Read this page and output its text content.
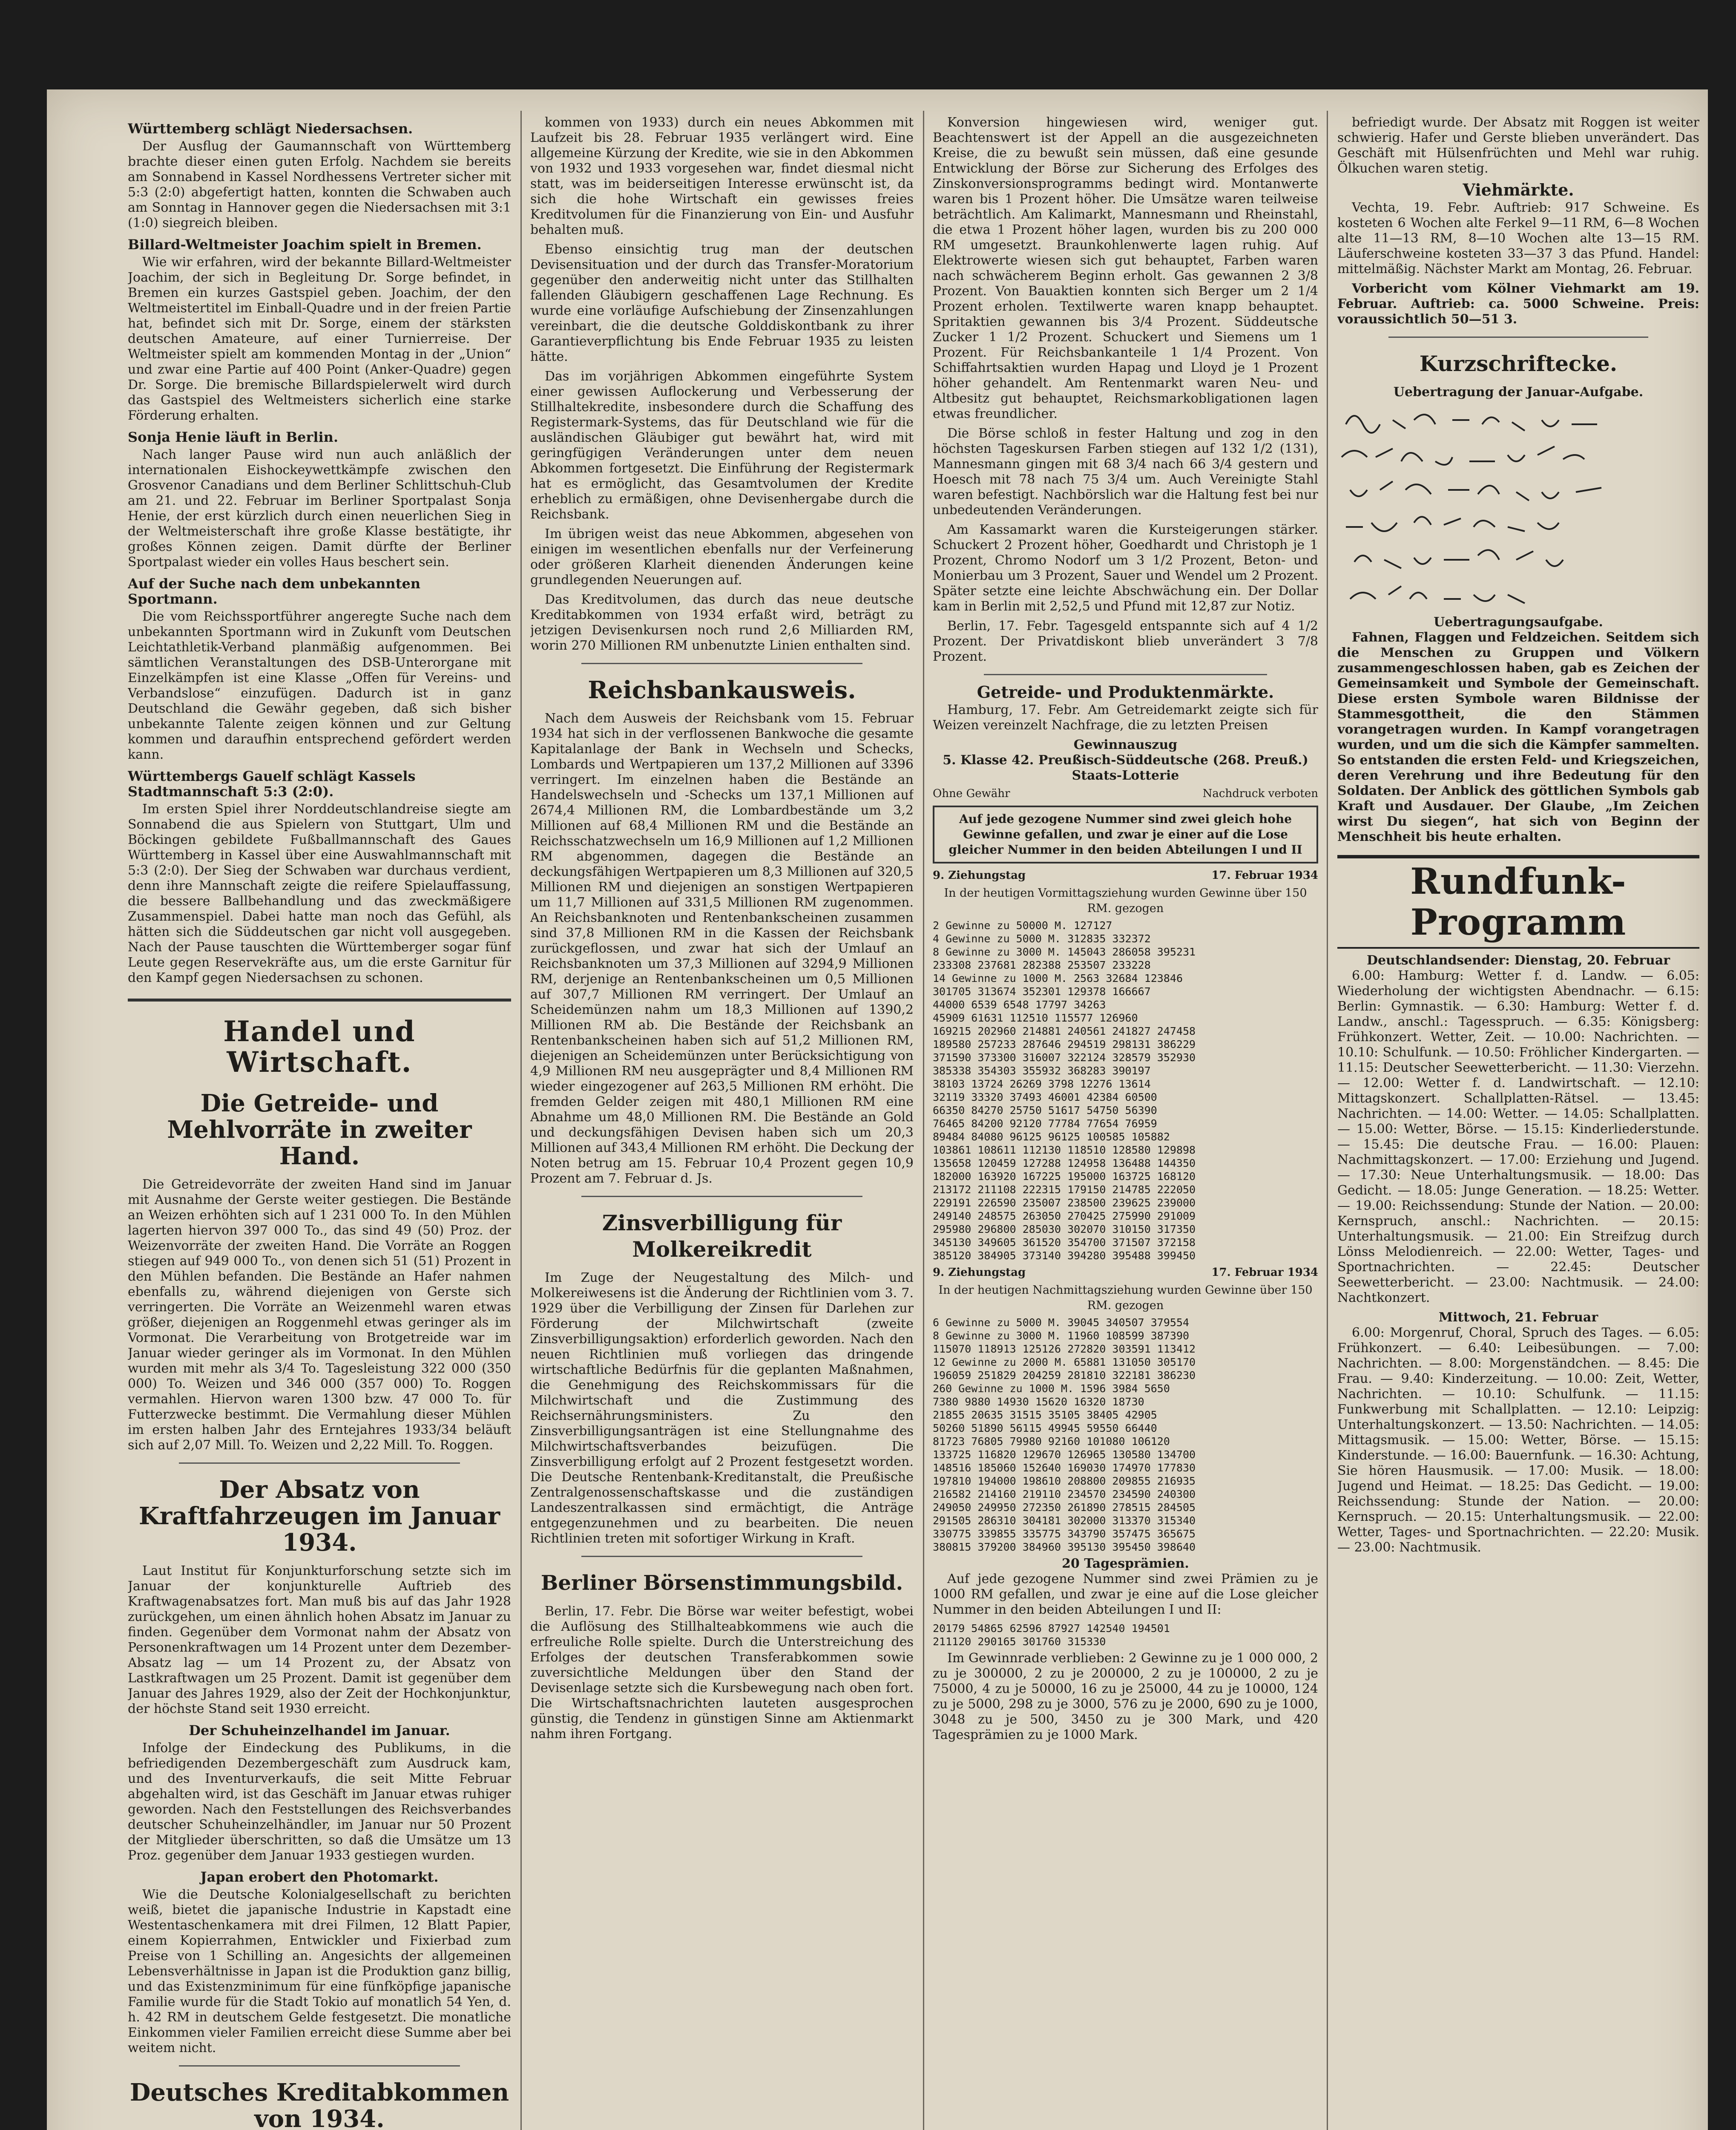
Württemberg schlägt Niedersachsen.

Der Ausflug der Gaumannschaft von Württemberg brachte dieser einen guten Erfolg. Nachdem sie bereits am Sonnabend in Kassel Nordhessens Vertreter sicher mit 5:3 (2:0) abgefertigt hatten, konnten die Schwaben auch am Sonntag in Hannover gegen die Niedersachsen mit 3:1 (1:0) siegreich bleiben.

Billard-Weltmeister Joachim spielt in Bremen.

Wie wir erfahren, wird der bekannte Billard-Weltmeister Joachim, der sich in Begleitung Dr. Sorge befindet, in Bremen ein kurzes Gastspiel geben. Joachim, der den Weltmeistertitel im Einball-Quadre und in der freien Partie hat, befindet sich mit Dr. Sorge, einem der stärksten deutschen Amateure, auf einer Turnierreise. Der Weltmeister spielt am kommenden Montag in der „Union“ und zwar eine Partie auf 400 Point (Anker-Quadre) gegen Dr. Sorge. Die bremische Billardspielerwelt wird durch das Gastspiel des Weltmeisters sicherlich eine starke Förderung erhalten.

Sonja Henie läuft in Berlin.

Nach langer Pause wird nun auch anläßlich der internationalen Eishockeywettkämpfe zwischen den Grosvenor Canadians und dem Berliner Schlittschuh-Club am 21. und 22. Februar im Berliner Sportpalast Sonja Henie, der erst kürzlich durch einen neuerlichen Sieg in der Weltmeisterschaft ihre große Klasse bestätigte, ihr großes Können zeigen. Damit dürfte der Berliner Sportpalast wieder ein volles Haus beschert sein.

Auf der Suche nach dem unbekannten Sportmann.

Die vom Reichssportführer angeregte Suche nach dem unbekannten Sportmann wird in Zukunft vom Deutschen Leichtathletik-Verband planmäßig aufgenommen. Bei sämtlichen Veranstaltungen des DSB-Unterorgane mit Einzelkämpfen ist eine Klasse „Offen für Vereins- und Verbandslose“ einzufügen. Dadurch ist in ganz Deutschland die Gewähr gegeben, daß sich bisher unbekannte Talente zeigen können und zur Geltung kommen und daraufhin entsprechend gefördert werden kann.

Württembergs Gauelf schlägt Kassels Stadtmannschaft 5:3 (2:0).

Im ersten Spiel ihrer Norddeutschlandreise siegte am Sonnabend die aus Spielern von Stuttgart, Ulm und Böckingen gebildete Fußballmannschaft des Gaues Württemberg in Kassel über eine Auswahlmannschaft mit 5:3 (2:0). Der Sieg der Schwaben war durchaus verdient, denn ihre Mannschaft zeigte die reifere Spielauffassung, die bessere Ballbehandlung und das zweckmäßigere Zusammenspiel. Dabei hatte man noch das Gefühl, als hätten sich die Süddeutschen gar nicht voll ausgegeben. Nach der Pause tauschten die Württemberger sogar fünf Leute gegen Reservekräfte aus, um die erste Garnitur für den Kampf gegen Niedersachsen zu schonen.

Handel und Wirtschaft.
Die Getreide- und Mehlvorräte in zweiter Hand.

Die Getreidevorräte der zweiten Hand sind im Januar mit Ausnahme der Gerste weiter gestiegen. Die Bestände an Weizen erhöhten sich auf 1 231 000 To. In den Mühlen lagerten hiervon 397 000 To., das sind 49 (50) Proz. der Weizenvorräte der zweiten Hand. Die Vorräte an Roggen stiegen auf 949 000 To., von denen sich 51 (51) Prozent in den Mühlen befanden. Die Bestände an Hafer nahmen ebenfalls zu, während diejenigen von Gerste sich verringerten. Die Vorräte an Weizenmehl waren etwas größer, diejenigen an Roggenmehl etwas geringer als im Vormonat. Die Verarbeitung von Brotgetreide war im Januar wieder geringer als im Vormonat. In den Mühlen wurden mit mehr als 3/4 To. Tagesleistung 322 000 (350 000) To. Weizen und 346 000 (357 000) To. Roggen vermahlen. Hiervon waren 1300 bzw. 47 000 To. für Futterzwecke bestimmt. Die Vermahlung dieser Mühlen im ersten halben Jahr des Erntejahres 1933/34 beläuft sich auf 2,07 Mill. To. Weizen und 2,22 Mill. To. Roggen.

Der Absatz von Kraftfahrzeugen im Januar 1934.

Laut Institut für Konjunkturforschung setzte sich im Januar der konjunkturelle Auftrieb des Kraftwagenabsatzes fort. Man muß bis auf das Jahr 1928 zurückgehen, um einen ähnlich hohen Absatz im Januar zu finden. Gegenüber dem Vormonat nahm der Absatz von Personenkraftwagen um 14 Prozent unter dem Dezember-Absatz lag — um 14 Prozent zu, der Absatz von Lastkraftwagen um 25 Prozent. Damit ist gegenüber dem Januar des Jahres 1929, also der Zeit der Hochkonjunktur, der höchste Stand seit 1930 erreicht.

Der Schuheinzelhandel im Januar.

Infolge der Eindeckung des Publikums, in die befriedigenden Dezembergeschäft zum Ausdruck kam, und des Inventurverkaufs, die seit Mitte Februar abgehalten wird, ist das Geschäft im Januar etwas ruhiger geworden. Nach den Feststellungen des Reichsverbandes deutscher Schuheinzelhändler, im Januar nur 50 Prozent der Mitglieder überschritten, so daß die Umsätze um 13 Proz. gegenüber dem Januar 1933 gestiegen wurden.

Japan erobert den Photomarkt.

Wie die Deutsche Kolonialgesellschaft zu berichten weiß, bietet die japanische Industrie in Kapstadt eine Westentaschenkamera mit drei Filmen, 12 Blatt Papier, einem Kopierrahmen, Entwickler und Fixierbad zum Preise von 1 Schilling an. Angesichts der allgemeinen Lebensverhältnisse in Japan ist die Produktion ganz billig, und das Existenzminimum für eine fünfköpfige japanische Familie wurde für die Stadt Tokio auf monatlich 54 Yen, d. h. 42 RM in deutschem Gelde festgesetzt. Die monatliche Einkommen vieler Familien erreicht diese Summe aber bei weitem nicht.

Deutsches Kreditabkommen von 1934.

kommen von 1933) durch ein neues Abkommen mit Laufzeit bis 28. Februar 1935 verlängert wird. Eine allgemeine Kürzung der Kredite, wie sie in den Abkommen von 1932 und 1933 vorgesehen war, findet diesmal nicht statt, was im beiderseitigen Interesse erwünscht ist, da sich die hohe Wirtschaft ein gewisses freies Kreditvolumen für die Finanzierung von Ein- und Ausfuhr behalten muß.

Ebenso einsichtig trug man der deutschen Devisensituation und der durch das Transfer-Moratorium gegenüber den anderweitig nicht unter das Stillhalten fallenden Gläubigern geschaffenen Lage Rechnung. Es wurde eine vorläufige Aufschiebung der Zinsenzahlungen vereinbart, die die deutsche Golddiskontbank zu ihrer Garantieverpflichtung bis Ende Februar 1935 zu leisten hätte.

Das im vorjährigen Abkommen eingeführte System einer gewissen Auflockerung und Verbesserung der Stillhaltekredite, insbesondere durch die Schaffung des Registermark-Systems, das für Deutschland wie für die ausländischen Gläubiger gut bewährt hat, wird mit geringfügigen Veränderungen unter dem neuen Abkommen fortgesetzt. Die Einführung der Registermark hat es ermöglicht, das Gesamtvolumen der Kredite erheblich zu ermäßigen, ohne Devisenhergabe durch die Reichsbank.

Im übrigen weist das neue Abkommen, abgesehen von einigen im wesentlichen ebenfalls nur der Verfeinerung oder größeren Klarheit dienenden Änderungen keine grundlegenden Neuerungen auf.

Das Kreditvolumen, das durch das neue deutsche Kreditabkommen von 1934 erfaßt wird, beträgt zu jetzigen Devisenkursen noch rund 2,6 Milliarden RM, worin 270 Millionen RM unbenutzte Linien enthalten sind.

Reichsbankausweis.

Nach dem Ausweis der Reichsbank vom 15. Februar 1934 hat sich in der verflossenen Bankwoche die gesamte Kapitalanlage der Bank in Wechseln und Schecks, Lombards und Wertpapieren um 137,2 Millionen auf 3396 verringert. Im einzelnen haben die Bestände an Handelswechseln und -Schecks um 137,1 Millionen auf 2674,4 Millionen RM, die Lombardbestände um 3,2 Millionen auf 68,4 Millionen RM und die Bestände an Reichsschatzwechseln um 16,9 Millionen auf 1,2 Millionen RM abgenommen, dagegen die Bestände an deckungsfähigen Wertpapieren um 8,3 Millionen auf 320,5 Millionen RM und diejenigen an sonstigen Wertpapieren um 11,7 Millionen auf 331,5 Millionen RM zugenommen. An Reichsbanknoten und Rentenbankscheinen zusammen sind 37,8 Millionen RM in die Kassen der Reichsbank zurückgeflossen, und zwar hat sich der Umlauf an Reichsbanknoten um 37,3 Millionen auf 3294,9 Millionen RM, derjenige an Rentenbankscheinen um 0,5 Millionen auf 307,7 Millionen RM verringert. Der Umlauf an Scheidemünzen nahm um 18,3 Millionen auf 1390,2 Millionen RM ab. Die Bestände der Reichsbank an Rentenbankscheinen haben sich auf 51,2 Millionen RM, diejenigen an Scheidemünzen unter Berücksichtigung von 4,9 Millionen RM neu ausgeprägter und 8,4 Millionen RM wieder eingezogener auf 263,5 Millionen RM erhöht. Die fremden Gelder zeigen mit 480,1 Millionen RM eine Abnahme um 48,0 Millionen RM. Die Bestände an Gold und deckungsfähigen Devisen haben sich um 20,3 Millionen auf 343,4 Millionen RM erhöht. Die Deckung der Noten betrug am 15. Februar 10,4 Prozent gegen 10,9 Prozent am 7. Februar d. Js.

Zinsverbilligung für Molkereikredit

Im Zuge der Neugestaltung des Milch- und Molkereiwesens ist die Änderung der Richtlinien vom 3. 7. 1929 über die Verbilligung der Zinsen für Darlehen zur Förderung der Milchwirtschaft (zweite Zinsverbilligungsaktion) erforderlich geworden. Nach den neuen Richtlinien muß vorliegen das dringende wirtschaftliche Bedürfnis für die geplanten Maßnahmen, die Genehmigung des Reichskommissars für die Milchwirtschaft und die Zustimmung des Reichsernährungsministers. Zu den Zinsverbilligungsanträgen ist eine Stellungnahme des Milchwirtschaftsverbandes beizufügen. Die Zinsverbilligung erfolgt auf 2 Prozent festgesetzt worden. Die Deutsche Rentenbank-Kreditanstalt, die Preußische Zentralgenossenschaftskasse und die zuständigen Landeszentralkassen sind ermächtigt, die Anträge entgegenzunehmen und zu bearbeiten. Die neuen Richtlinien treten mit sofortiger Wirkung in Kraft.

Berliner Börsenstimmungsbild.

Berlin, 17. Febr. Die Börse war weiter befestigt, wobei die Auflösung des Stillhalteabkommens wie auch die erfreuliche Rolle spielte. Durch die Unterstreichung des Erfolges der deutschen Transferabkommen sowie zuversichtliche Meldungen über den Stand der Devisenlage setzte sich die Kursbewegung nach oben fort. Die Wirtschaftsnachrichten lauteten ausgesprochen günstig, die Tendenz in günstigen Sinne am Aktienmarkt nahm ihren Fortgang.

Konversion hingewiesen wird, weniger gut. Beachtenswert ist der Appell an die ausgezeichneten Kreise, die zu bewußt sein müssen, daß eine gesunde Entwicklung der Börse zur Sicherung des Erfolges des Zinskonversionsprogramms bedingt wird. Montanwerte waren bis 1 Prozent höher. Die Umsätze waren teilweise beträchtlich. Am Kalimarkt, Mannesmann und Rheinstahl, die etwa 1 Prozent höher lagen, wurden bis zu 200 000 RM umgesetzt. Braunkohlenwerte lagen ruhig. Auf Elektrowerte wiesen sich gut behauptet, Farben waren nach schwächerem Beginn erholt. Gas gewannen 2 3/8 Prozent. Von Bauaktien konnten sich Berger um 2 1/4 Prozent erholen. Textilwerte waren knapp behauptet. Spritaktien gewannen bis 3/4 Prozent. Süddeutsche Zucker 1 1/2 Prozent. Schuckert und Siemens um 1 Prozent. Für Reichsbankanteile 1 1/4 Prozent. Von Schiffahrtsaktien wurden Hapag und Lloyd je 1 Prozent höher gehandelt. Am Rentenmarkt waren Neu- und Altbesitz gut behauptet, Reichsmarkobligationen lagen etwas freundlicher.

Die Börse schloß in fester Haltung und zog in den höchsten Tageskursen Farben stiegen auf 132 1/2 (131), Mannesmann gingen mit 68 3/4 nach 66 3/4 gestern und Hoesch mit 78 nach 75 3/4 um. Auch Vereinigte Stahl waren befestigt. Nachbörslich war die Haltung fest bei nur unbedeutenden Veränderungen.

Am Kassamarkt waren die Kursteigerungen stärker. Schuckert 2 Prozent höher, Goedhardt und Christoph je 1 Prozent, Chromo Nodorf um 3 1/2 Prozent, Beton- und Monierbau um 3 Prozent, Sauer und Wendel um 2 Prozent. Später setzte eine leichte Abschwächung ein. Der Dollar kam in Berlin mit 2,52,5 und Pfund mit 12,87 zur Notiz.

Berlin, 17. Febr. Tagesgeld entspannte sich auf 4 1/2 Prozent. Der Privatdiskont blieb unverändert 3 7/8 Prozent.

Getreide- und Produktenmärkte.

Hamburg, 17. Febr. Am Getreidemarkt zeigte sich für Weizen vereinzelt Nachfrage, die zu letzten Preisen

Gewinnauszug
5. Klasse 42. Preußisch-Süddeutsche (268. Preuß.) Staats-Lotterie
Ohne Gewähr	Nachdruck verboten
Auf jede gezogene Nummer sind zwei gleich hohe Gewinne gefallen, und zwar je einer auf die Lose gleicher Nummer in den beiden Abteilungen I und II
9. Ziehungstag	17. Februar 1934
In der heutigen Vormittagsziehung wurden Gewinne über 150 RM. gezogen
2 Gewinne zu 50000 M. 127127
4 Gewinne zu 5000 M. 312835 332372
8 Gewinne zu 3000 M. 145043 286058 395231
233308 237681 282388 253507 233228
14 Gewinne zu 1000 M. 2563 32684 123846
301705 313674 352301 129378 166667
44000 6539 6548 17797 34263
45909 61631 112510 115577 126960
169215 202960 214881 240561 241827 247458
189580 257233 287646 294519 298131 386229
371590 373300 316007 322124 328579 352930
385338 354303 355932 368283 390197
38103 13724 26269 3798 12276 13614
32119 33320 37493 46001 42384 60500
66350 84270 25750 51617 54750 56390
76465 84200 92120 77784 77654 76959
89484 84080 96125 96125 100585 105882
103861 108611 112130 118510 128580 129898
135658 120459 127288 124958 136488 144350
182000 163920 167225 195000 163725 168120
213172 211108 222315 179150 214785 222050
229191 226590 235007 238500 239625 239000
249140 248575 263050 270425 275990 291009
295980 296800 285030 302070 310150 317350
345130 349605 361520 354700 371507 372158
385120 384905 373140 394280 395488 399450
9. Ziehungstag	17. Februar 1934
In der heutigen Nachmittagsziehung wurden Gewinne über 150 RM. gezogen
6 Gewinne zu 5000 M. 39045 340507 379554
8 Gewinne zu 3000 M. 11960 108599 387390
115070 118913 125126 272820 303591 113412
12 Gewinne zu 2000 M. 65881 131050 305170
196059 251829 204259 281810 322181 386230
260 Gewinne zu 1000 M. 1596 3984 5650
7380 9880 14930 15620 16320 18730
21855 20635 31515 35105 38405 42905
50260 51890 56115 49945 59550 66440
81723 76805 79980 92160 101080 106120
133725 116820 129670 126965 130580 134700
148516 185060 152640 169030 174970 177830
197810 194000 198610 208800 209855 216935
216582 214160 219110 234570 234590 240300
249050 249950 272350 261890 278515 284505
291505 286310 304181 302000 313370 315340
330775 339855 335775 343790 357475 365675
380815 379200 384960 395130 395450 398640
20 Tagesprämien.

Auf jede gezogene Nummer sind zwei Prämien zu je 1000 RM gefallen, und zwar je eine auf die Lose gleicher Nummer in den beiden Abteilungen I und II:

20179 54865 62596 87927 142540 194501
211120 290165 301760 315330

Im Gewinnrade verblieben: 2 Gewinne zu je 1 000 000, 2 zu je 300000, 2 zu je 200000, 2 zu je 100000, 2 zu je 75000, 4 zu je 50000, 16 zu je 25000, 44 zu je 10000, 124 zu je 5000, 298 zu je 3000, 576 zu je 2000, 690 zu je 1000, 3048 zu je 500, 3450 zu je 300 Mark, und 420 Tagesprämien zu je 1000 Mark.

befriedigt wurde. Der Absatz mit Roggen ist weiter schwierig. Hafer und Gerste blieben unverändert. Das Geschäft mit Hülsenfrüchten und Mehl war ruhig. Ölkuchen waren stetig.

Viehmärkte.

Vechta, 19. Febr. Auftrieb: 917 Schweine. Es kosteten 6 Wochen alte Ferkel 9—11 RM, 6—8 Wochen alte 11—13 RM, 8—10 Wochen alte 13—15 RM. Läuferschweine kosteten 33—37 3 das Pfund. Handel: mittelmäßig. Nächster Markt am Montag, 26. Februar.

Vorbericht vom Kölner Viehmarkt am 19. Februar. Auftrieb: ca. 5000 Schweine. Preis: voraussichtlich 50—51 3.

Kurzschriftecke.
Uebertragung der Januar-Aufgabe.
Uebertragungsaufgabe.

Fahnen, Flaggen und Feldzeichen. Seitdem sich die Menschen zu Gruppen und Völkern zusammengeschlossen haben, gab es Zeichen der Gemeinsamkeit und Symbole der Gemeinschaft. Diese ersten Symbole waren Bildnisse der Stammesgottheit, die den Stämmen vorangetragen wurden. In Kampf vorangetragen wurden, und um die sich die Kämpfer sammelten. So entstanden die ersten Feld- und Kriegszeichen, deren Verehrung und ihre Bedeutung für den Soldaten. Der Anblick des göttlichen Symbols gab Kraft und Ausdauer. Der Glaube, „Im Zeichen wirst Du siegen“, hat sich von Beginn der Menschheit bis heute erhalten.

Rundfunk-Programm
Deutschlandsender: Dienstag, 20. Februar

6.00: Hamburg: Wetter f. d. Landw. — 6.05: Wiederholung der wichtigsten Abendnachr. — 6.15: Berlin: Gymnastik. — 6.30: Hamburg: Wetter f. d. Landw., anschl.: Tagesspruch. — 6.35: Königsberg: Frühkonzert. Wetter, Zeit. — 10.00: Nachrichten. — 10.10: Schulfunk. — 10.50: Fröhlicher Kindergarten. — 11.15: Deutscher Seewetterbericht. — 11.30: Vierzehn. — 12.00: Wetter f. d. Landwirtschaft. — 12.10: Mittagskonzert. Schallplatten-Rätsel. — 13.45: Nachrichten. — 14.00: Wetter. — 14.05: Schallplatten. — 15.00: Wetter, Börse. — 15.15: Kinderliederstunde. — 15.45: Die deutsche Frau. — 16.00: Plauen: Nachmittagskonzert. — 17.00: Erziehung und Jugend. — 17.30: Neue Unterhaltungsmusik. — 18.00: Das Gedicht. — 18.05: Junge Generation. — 18.25: Wetter. — 19.00: Reichssendung: Stunde der Nation. — 20.00: Kernspruch, anschl.: Nachrichten. — 20.15: Unterhaltungsmusik. — 21.00: Ein Streifzug durch Lönss Melodienreich. — 22.00: Wetter, Tages- und Sportnachrichten. — 22.45: Deutscher Seewetterbericht. — 23.00: Nachtmusik. — 24.00: Nachtkonzert.

Mittwoch, 21. Februar

6.00: Morgenruf, Choral, Spruch des Tages. — 6.05: Frühkonzert. — 6.40: Leibesübungen. — 7.00: Nachrichten. — 8.00: Morgenständchen. — 8.45: Die Frau. — 9.40: Kinderzeitung. — 10.00: Zeit, Wetter, Nachrichten. — 10.10: Schulfunk. — 11.15: Funkwerbung mit Schallplatten. — 12.10: Leipzig: Unterhaltungskonzert. — 13.50: Nachrichten. — 14.05: Mittagsmusik. — 15.00: Wetter, Börse. — 15.15: Kinderstunde. — 16.00: Bauernfunk. — 16.30: Achtung, Sie hören Hausmusik. — 17.00: Musik. — 18.00: Jugend und Heimat. — 18.25: Das Gedicht. — 19.00: Reichssendung: Stunde der Nation. — 20.00: Kernspruch. — 20.15: Unterhaltungsmusik. — 22.00: Wetter, Tages- und Sportnachrichten. — 22.20: Musik. — 23.00: Nachtmusik.
